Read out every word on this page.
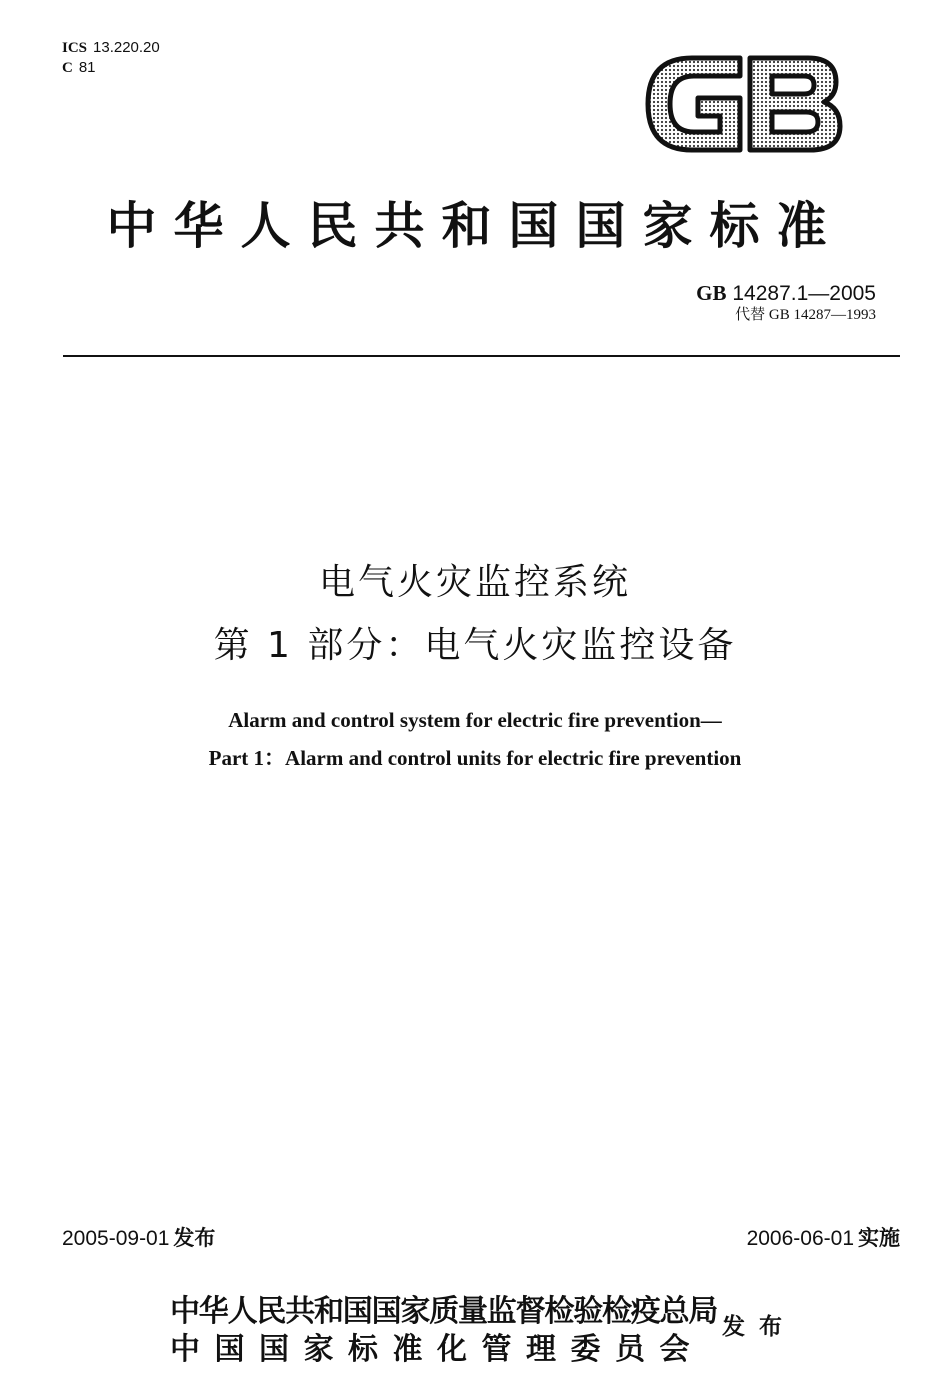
ICS 13.220.20
C 81
中华人民共和国国家标准
GB 14287.1—2005
代替 GB 14287—1993
电气火灾监控系统
第 1 部分：电气火灾监控设备
Alarm and control system for electric fire prevention—
Part 1：Alarm and control units for electric fire prevention
2005-09-01 发布	2006-06-01 实施
中华人民共和国国家质量监督检验检疫总局
中国国家标准化管理委员会
发布
